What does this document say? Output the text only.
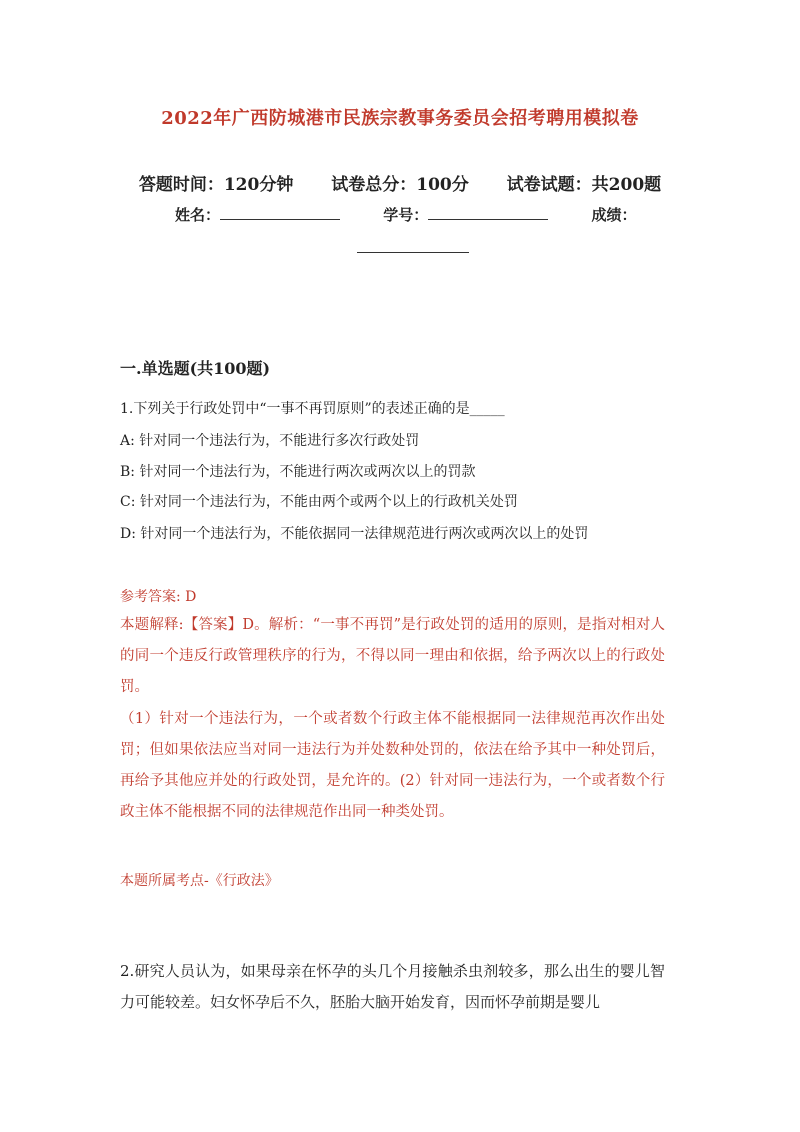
2022年广西防城港市民族宗教事务委员会招考聘用模拟卷
答题时间：120分钟 试卷总分：100分 试卷试题：共200题
姓名：	学号：	成绩：
一.单选题(共100题)
1.下列关于行政处罚中“一事不再罚原则”的表述正确的是_____
A: 针对同一个违法行为，不能进行多次行政处罚
B: 针对同一个违法行为，不能进行两次或两次以上的罚款
C: 针对同一个违法行为，不能由两个或两个以上的行政机关处罚
D: 针对同一个违法行为，不能依据同一法律规范进行两次或两次以上的处罚
参考答案: D
本题解释:【答案】D。解析：“一事不再罚”是行政处罚的适用的原则，是指对相对人的同一个违反行政管理秩序的行为，不得以同一理由和依据，给予两次以上的行政处罚。
（1）针对一个违法行为，一个或者数个行政主体不能根据同一法律规范再次作出处罚；但如果依法应当对同一违法行为并处数种处罚的，依法在给予其中一种处罚后，再给予其他应并处的行政处罚，是允许的。(2）针对同一违法行为，一个或者数个行政主体不能根据不同的法律规范作出同一种类处罚。
本题所属考点-《行政法》
2.研究人员认为，如果母亲在怀孕的头几个月接触杀虫剂较多，那么出生的婴儿智力可能较差。妇女怀孕后不久，胚胎大脑开始发育，因而怀孕前期是婴儿
